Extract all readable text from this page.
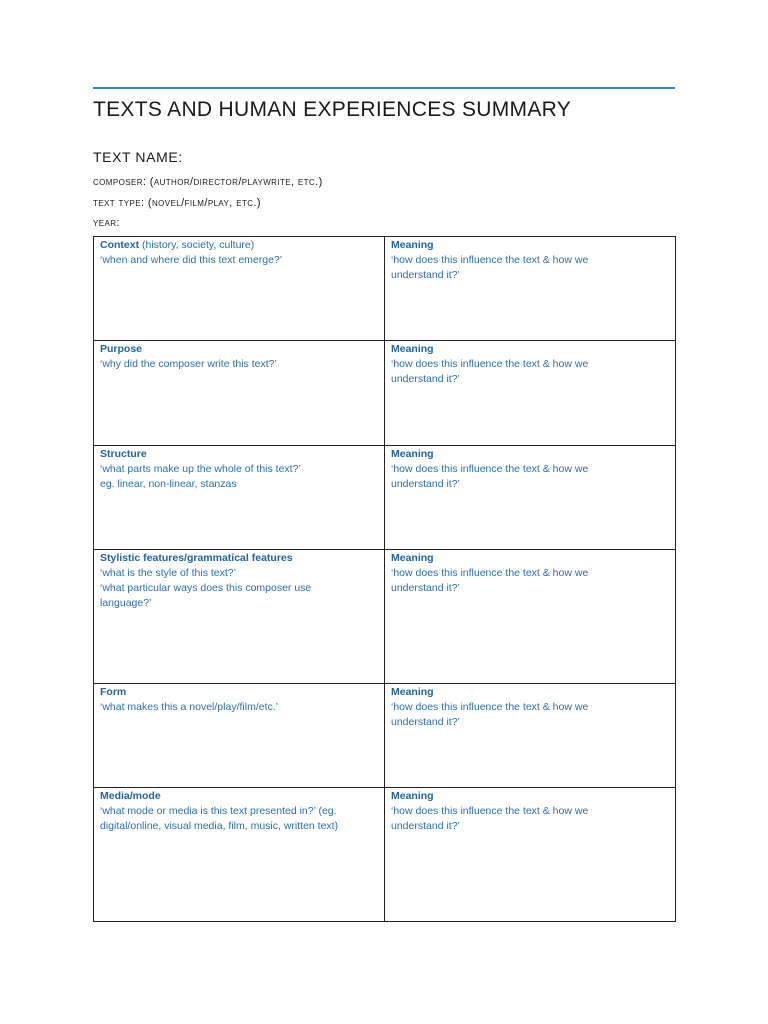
TEXTS AND HUMAN EXPERIENCES SUMMARY
TEXT NAME:
composer: (author/director/playwrite, etc.)
text type: (novel/film/play, etc.)
year:
Context (history, society, culture)
‘when and where did this text emerge?’	Meaning
‘how does this influence the text & how we
understand it?’

Purpose
‘why did the composer write this text?’	Meaning
‘how does this influence the text & how we
understand it?’

Structure
‘what parts make up the whole of this text?’
eg. linear, non-linear, stanzas	Meaning
‘how does this influence the text & how we
understand it?’

Stylistic features/grammatical features
‘what is the style of this text?’
‘what particular ways does this composer use
language?’	Meaning
‘how does this influence the text & how we
understand it?’

Form
‘what makes this a novel/play/film/etc.’	Meaning
‘how does this influence the text & how we
understand it?’

Media/mode
‘what mode or media is this text presented in?’ (eg.
digital/online, visual media, film, music, written text)	Meaning
‘how does this influence the text & how we
understand it?’
